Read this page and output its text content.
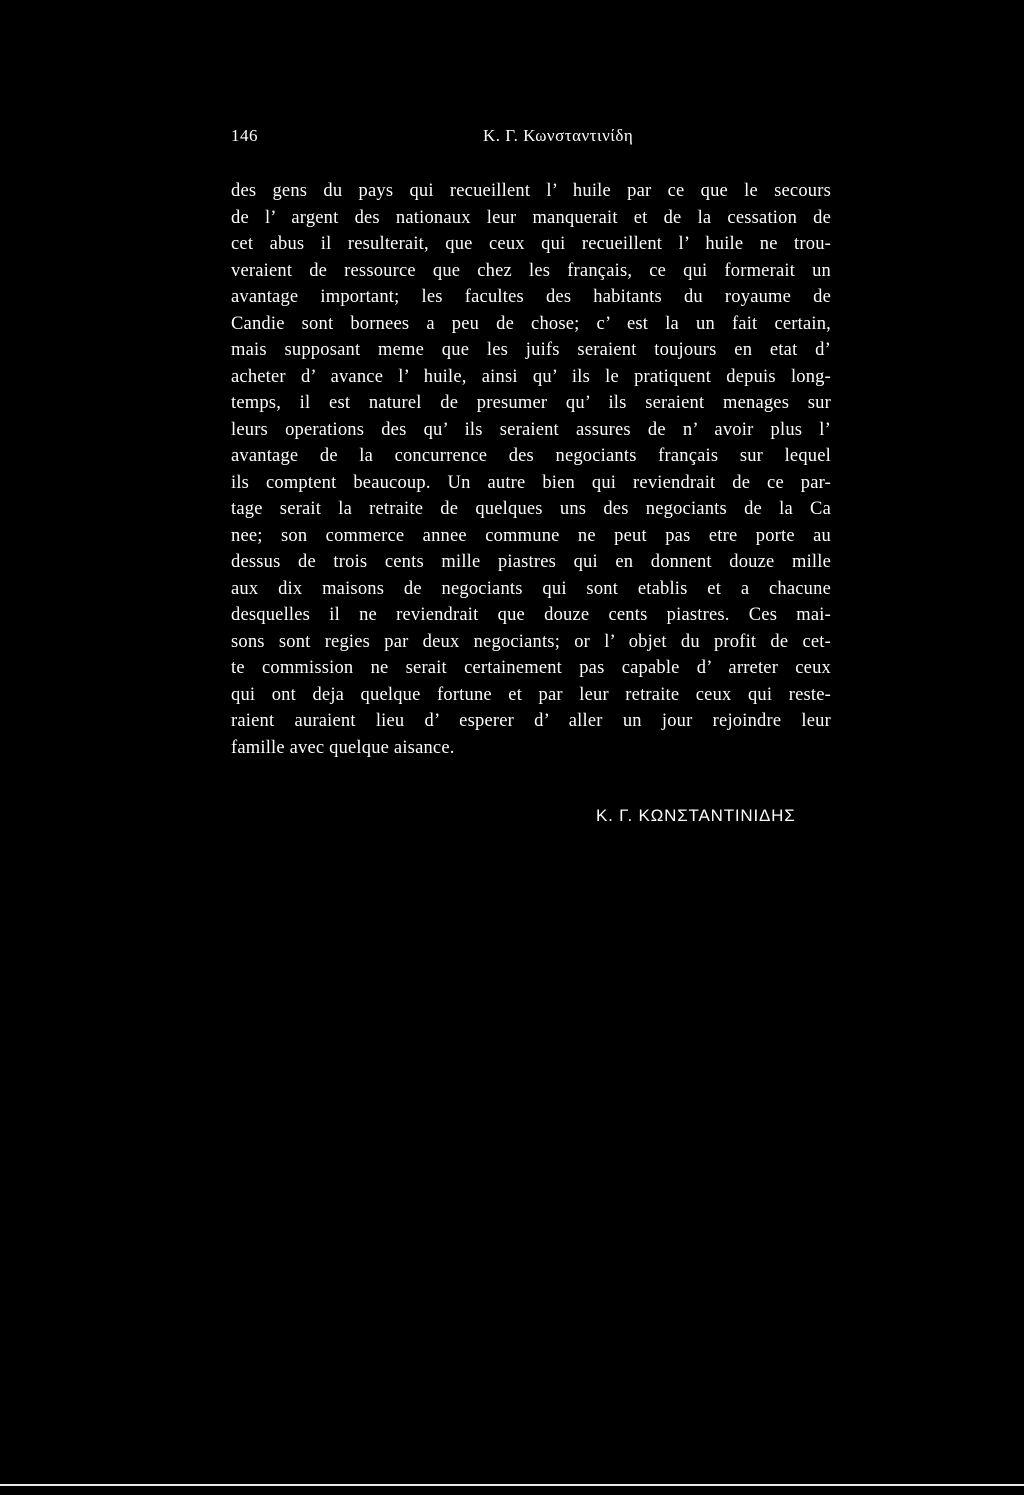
146	Κ. Γ. Κωνσταντινίδη
des gens du pays qui recueillent l’ huile par ce que le secours
de l’ argent des nationaux leur manquerait et de la cessation de
cet abus il resulterait, que ceux qui recueillent l’ huile ne trou-
veraient de ressource que chez les français, ce qui formerait un
avantage important; les facultes des habitants du royaume de
Candie sont bornees a peu de chose; c’ est la un fait certain,
mais supposant meme que les juifs seraient toujours en etat d’
acheter d’ avance l’ huile, ainsi qu’ ils le pratiquent depuis long-
temps, il est naturel de presumer qu’ ils seraient menages sur
leurs operations des qu’ ils seraient assures de n’ avoir plus l’
avantage de la concurrence des negociants français sur lequel
ils comptent beaucoup. Un autre bien qui reviendrait de ce par-
tage serait la retraite de quelques uns des negociants de la Ca
nee; son commerce annee commune ne peut pas etre porte au
dessus de trois cents mille piastres qui en donnent douze mille
aux dix maisons de negociants qui sont etablis et a chacune
desquelles il ne reviendrait que douze cents piastres. Ces mai-
sons sont regies par deux negociants; or l’ objet du profit de cet-
te commission ne serait certainement pas capable d’ arreter ceux
qui ont deja quelque fortune et par leur retraite ceux qui reste-
raient auraient lieu d’ esperer d’ aller un jour rejoindre leur
famille avec quelque aisance.
Κ. Γ. ΚΩΝΣΤΑΝΤΙΝΙΔΗΣ
